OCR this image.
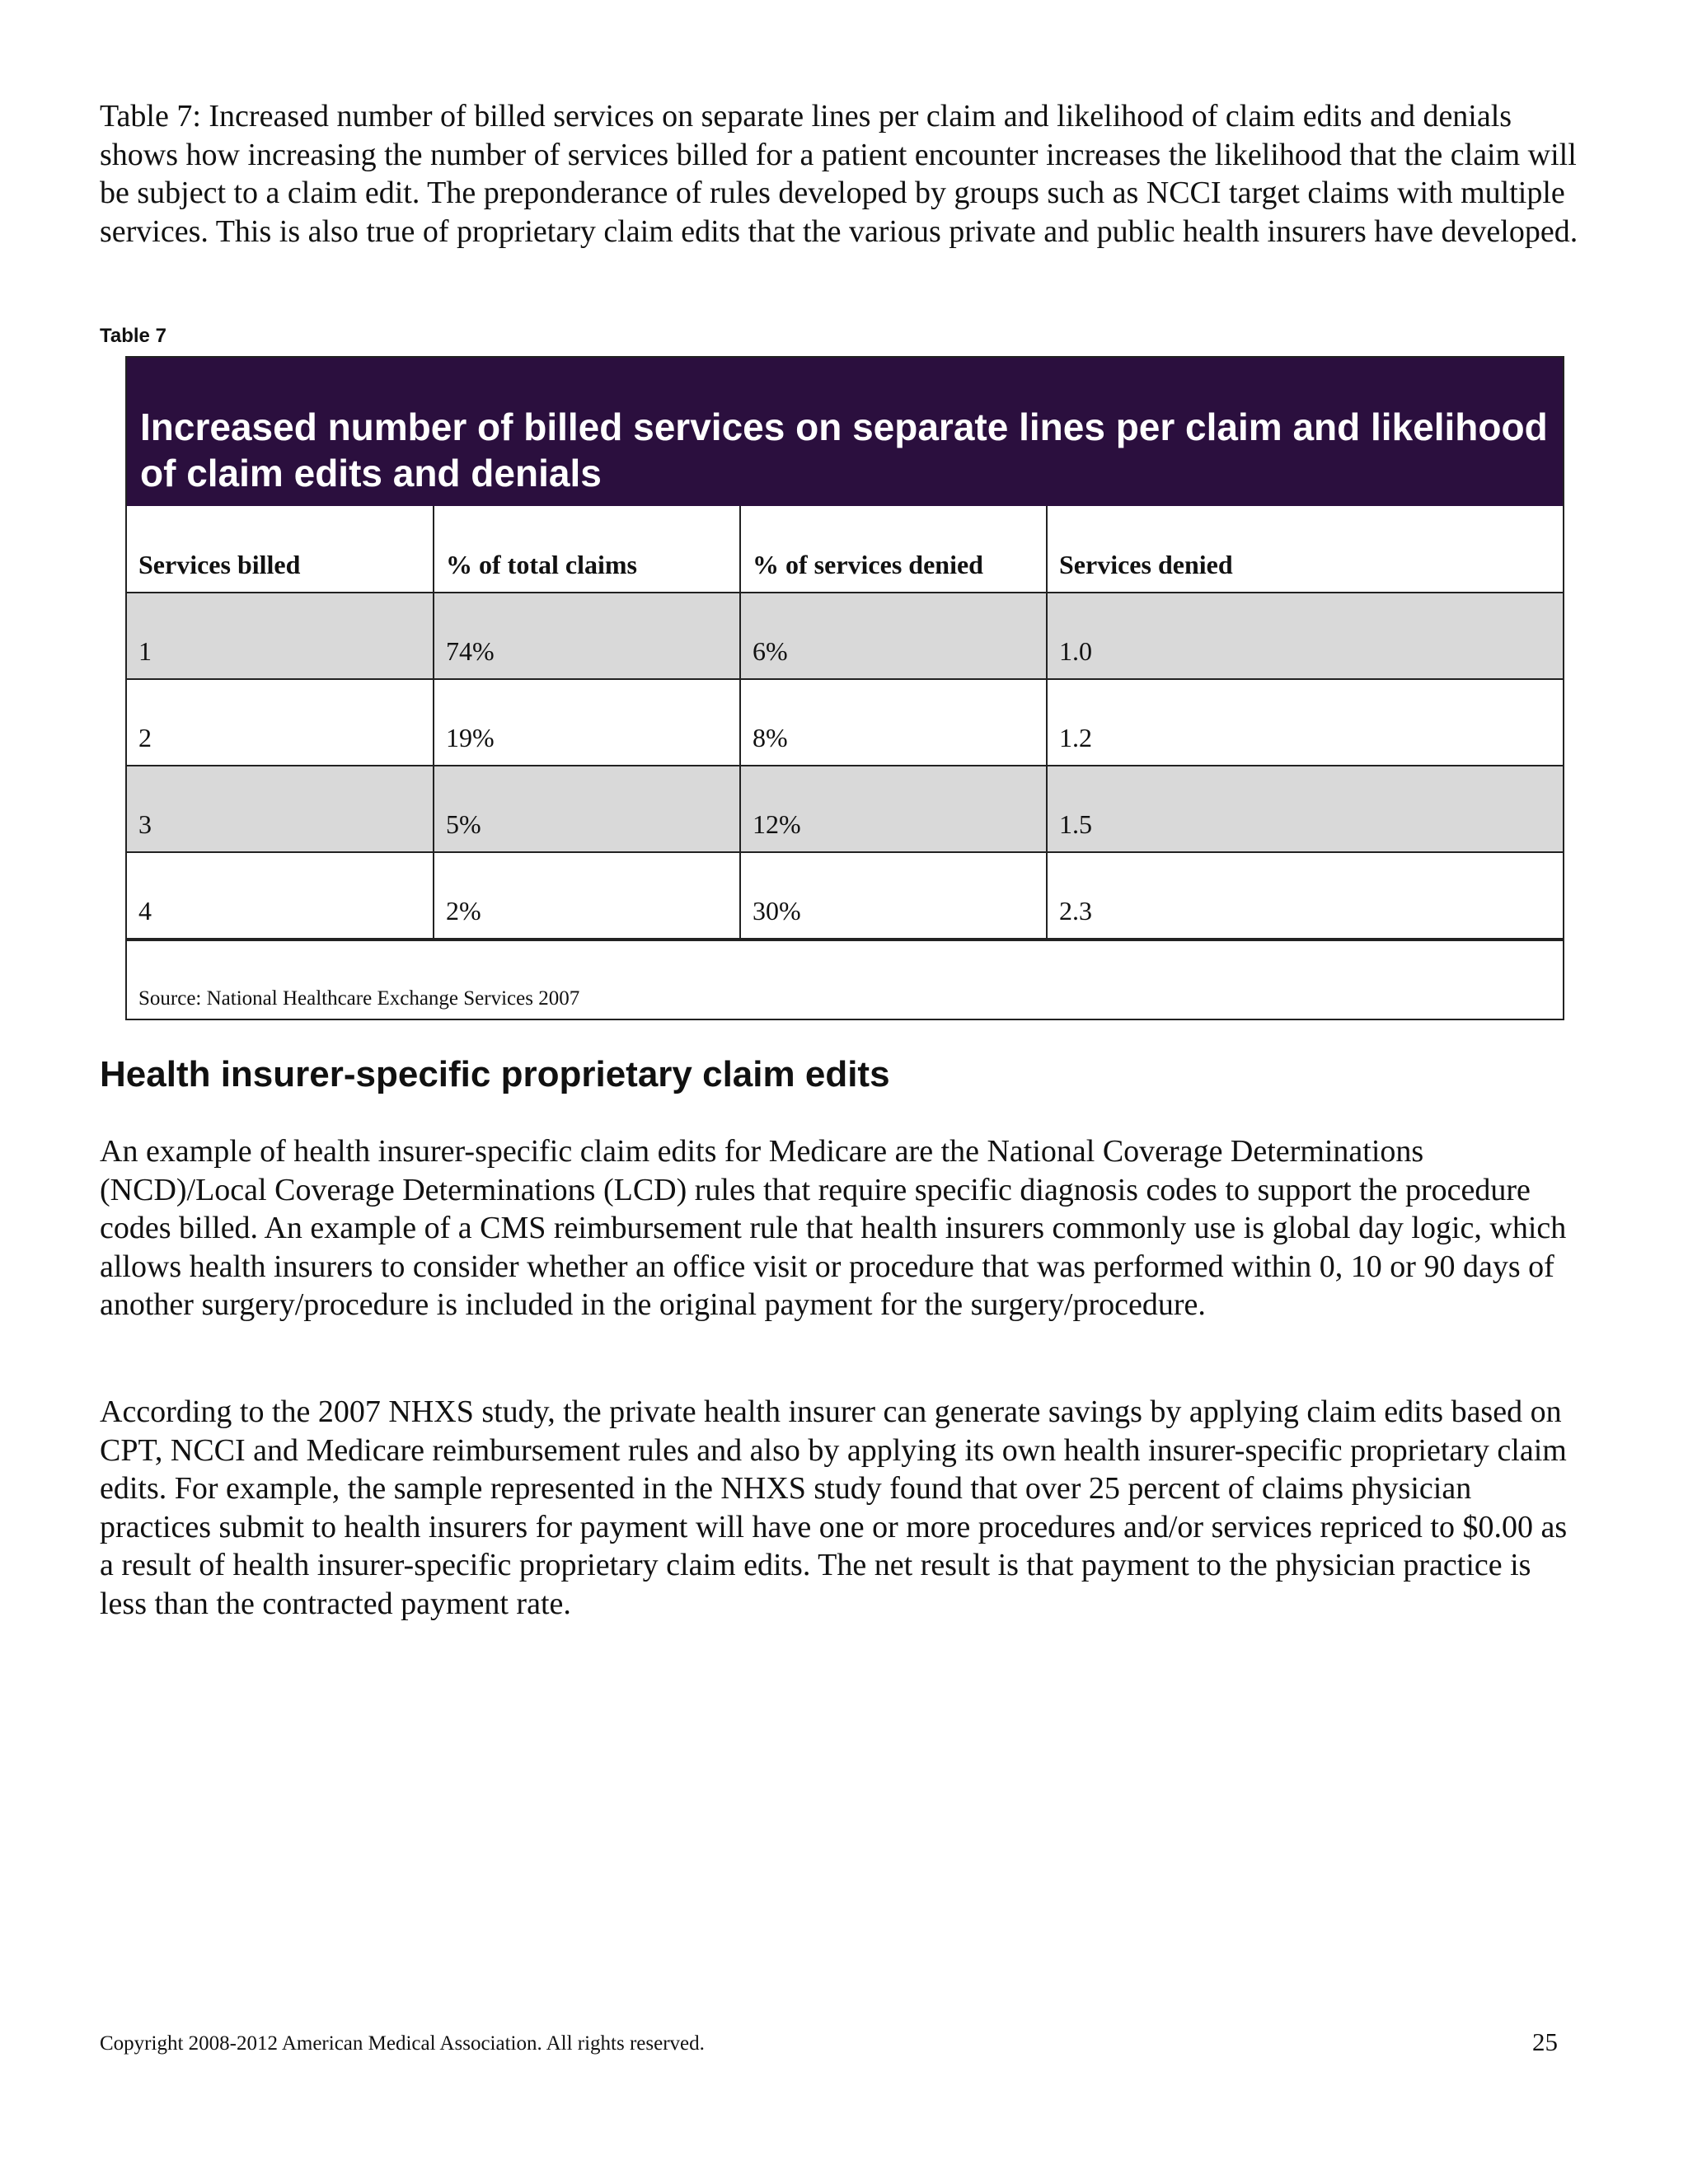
Table 7: Increased number of billed services on separate lines per claim and likelihood of claim edits and denials shows how increasing the number of services billed for a patient encounter increases the likelihood that the claim will be subject to a claim edit. The preponderance of rules developed by groups such as NCCI target claims with multiple services. This is also true of proprietary claim edits that the various private and public health insurers have developed.

Table 7

Increased number of billed services on separate lines per claim and likelihood of claim edits and denials
Services billed	% of total claims	% of services denied	Services denied
1	74%	6%	1.0
2	19%	8%	1.2
3	5%	12%	1.5
4	2%	30%	2.3
Source: National Healthcare Exchange Services 2007
Health insurer-specific proprietary claim edits

An example of health insurer-specific claim edits for Medicare are the National Coverage Determinations (NCD)/Local Coverage Determinations (LCD) rules that require specific diagnosis codes to support the procedure codes billed. An example of a CMS reimbursement rule that health insurers commonly use is global day logic, which allows health insurers to consider whether an office visit or procedure that was performed within 0, 10 or 90 days of another surgery/procedure is included in the original payment for the surgery/procedure.

According to the 2007 NHXS study, the private health insurer can generate savings by applying claim edits based on CPT, NCCI and Medicare reimbursement rules and also by applying its own health insurer-specific proprietary claim edits. For example, the sample represented in the NHXS study found that over 25 percent of claims physician practices submit to health insurers for payment will have one or more procedures and/or services repriced to $0.00 as a result of health insurer-specific proprietary claim edits. The net result is that payment to the physician practice is less than the contracted payment rate.

Copyright 2008-2012 American Medical Association. All rights reserved.	25
